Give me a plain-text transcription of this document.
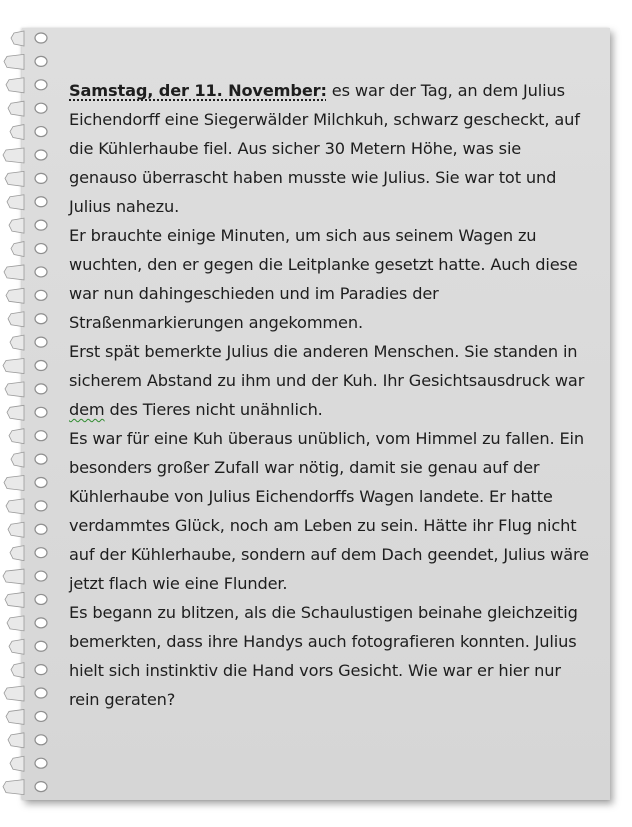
Samstag, der 11. November: es war der Tag, an dem Julius Eichendorff eine Siegerwälder Milchkuh, schwarz gescheckt, auf die Kühlerhaube fiel. Aus sicher 30 Metern Höhe, was sie genauso überrascht haben musste wie Julius. Sie war tot und Julius nahezu.

Er brauchte einige Minuten, um sich aus seinem Wagen zu wuchten, den er gegen die Leitplanke gesetzt hatte. Auch diese war nun dahingeschieden und im Paradies der Straßenmarkierungen angekommen.

Erst spät bemerkte Julius die anderen Menschen. Sie standen in sicherem Abstand zu ihm und der Kuh. Ihr Gesichtsausdruck war dem des Tieres nicht unähnlich.

Es war für eine Kuh überaus unüblich, vom Himmel zu fallen. Ein besonders großer Zufall war nötig, damit sie genau auf der Kühlerhaube von Julius Eichendorffs Wagen landete. Er hatte verdammtes Glück, noch am Leben zu sein. Hätte ihr Flug nicht auf der Kühlerhaube, sondern auf dem Dach geendet, Julius wäre jetzt flach wie eine Flunder.

Es begann zu blitzen, als die Schaulustigen beinahe gleichzeitig bemerkten, dass ihre Handys auch fotografieren konnten. Julius hielt sich instinktiv die Hand vors Gesicht. Wie war er hier nur rein geraten?
